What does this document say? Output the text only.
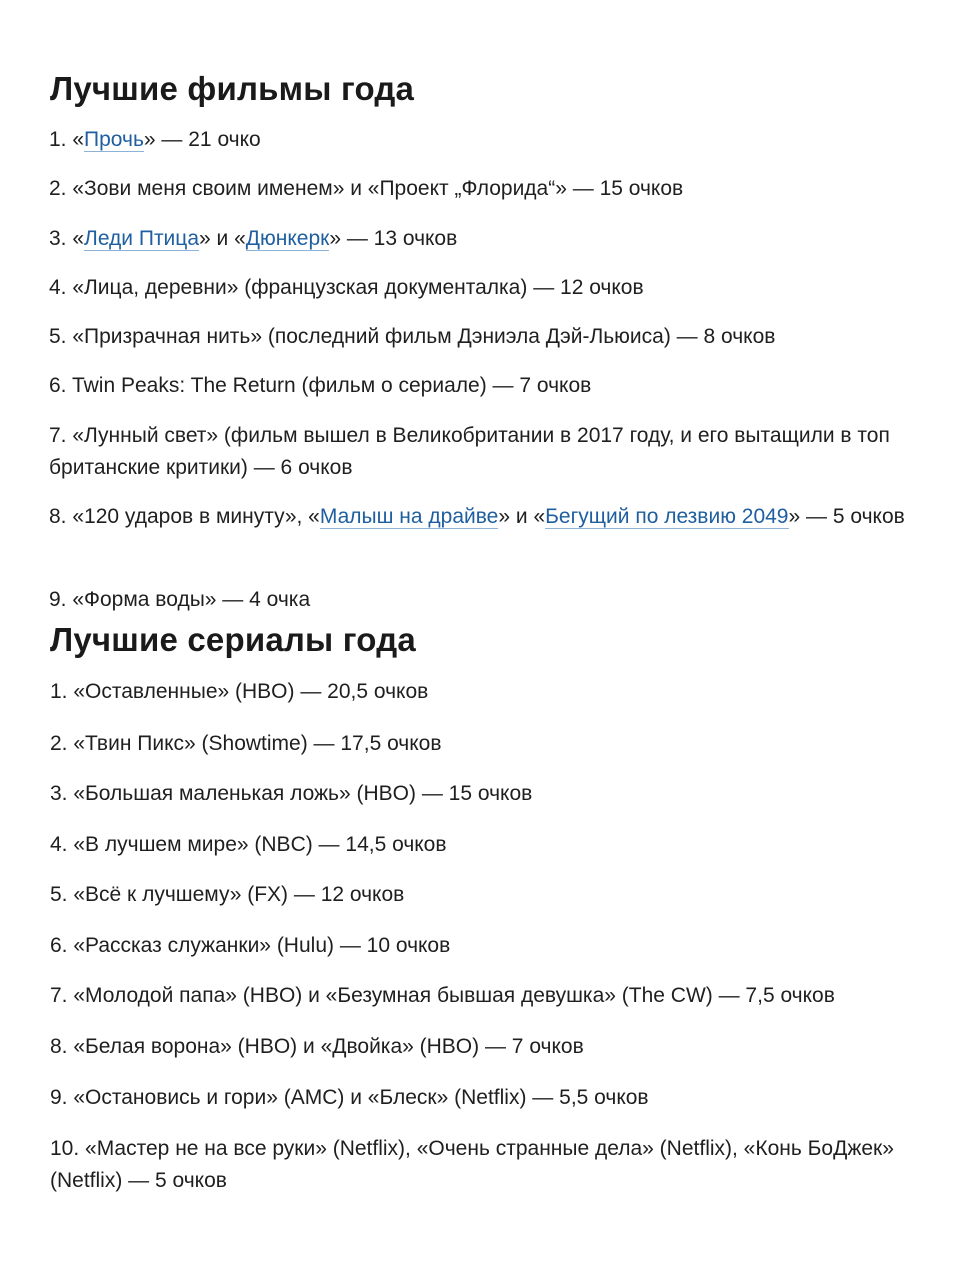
Лучшие фильмы года
1. «Прочь» — 21 очко
2. «Зови меня своим именем» и «Проект „Флорида“» — 15 очков
3. «Леди Птица» и «Дюнкерк» — 13 очков
4. «Лица, деревни» (французская документалка) — 12 очков
5. «Призрачная нить» (последний фильм Дэниэла Дэй-Льюиса) — 8 очков
6. Twin Peaks: The Return (фильм о сериале) — 7 очков
7. «Лунный свет» (фильм вышел в Великобритании в 2017 году, и его вытащили в топ британские критики) — 6 очков
8. «120 ударов в минуту», «Малыш на драйве» и «Бегущий по лезвию 2049» — 5 очков
9. «Форма воды» — 4 очка
Лучшие сериалы года
1. «Оставленные» (HBO) — 20,5 очков
2. «Твин Пикс» (Showtime) — 17,5 очков
3. «Большая маленькая ложь» (HBO) — 15 очков
4. «В лучшем мире» (NBC) — 14,5 очков
5. «Всё к лучшему» (FX) — 12 очков
6. «Рассказ служанки» (Hulu) — 10 очков
7. «Молодой папа» (HBO) и «Безумная бывшая девушка» (The CW) — 7,5 очков
8. «Белая ворона» (HBO) и «Двойка» (HBO) — 7 очков
9. «Остановись и гори» (AMC) и «Блеск» (Netflix) — 5,5 очков
10. «Мастер не на все руки» (Netflix), «Очень странные дела» (Netflix), «Конь БоДжек» (Netflix) — 5 очков
